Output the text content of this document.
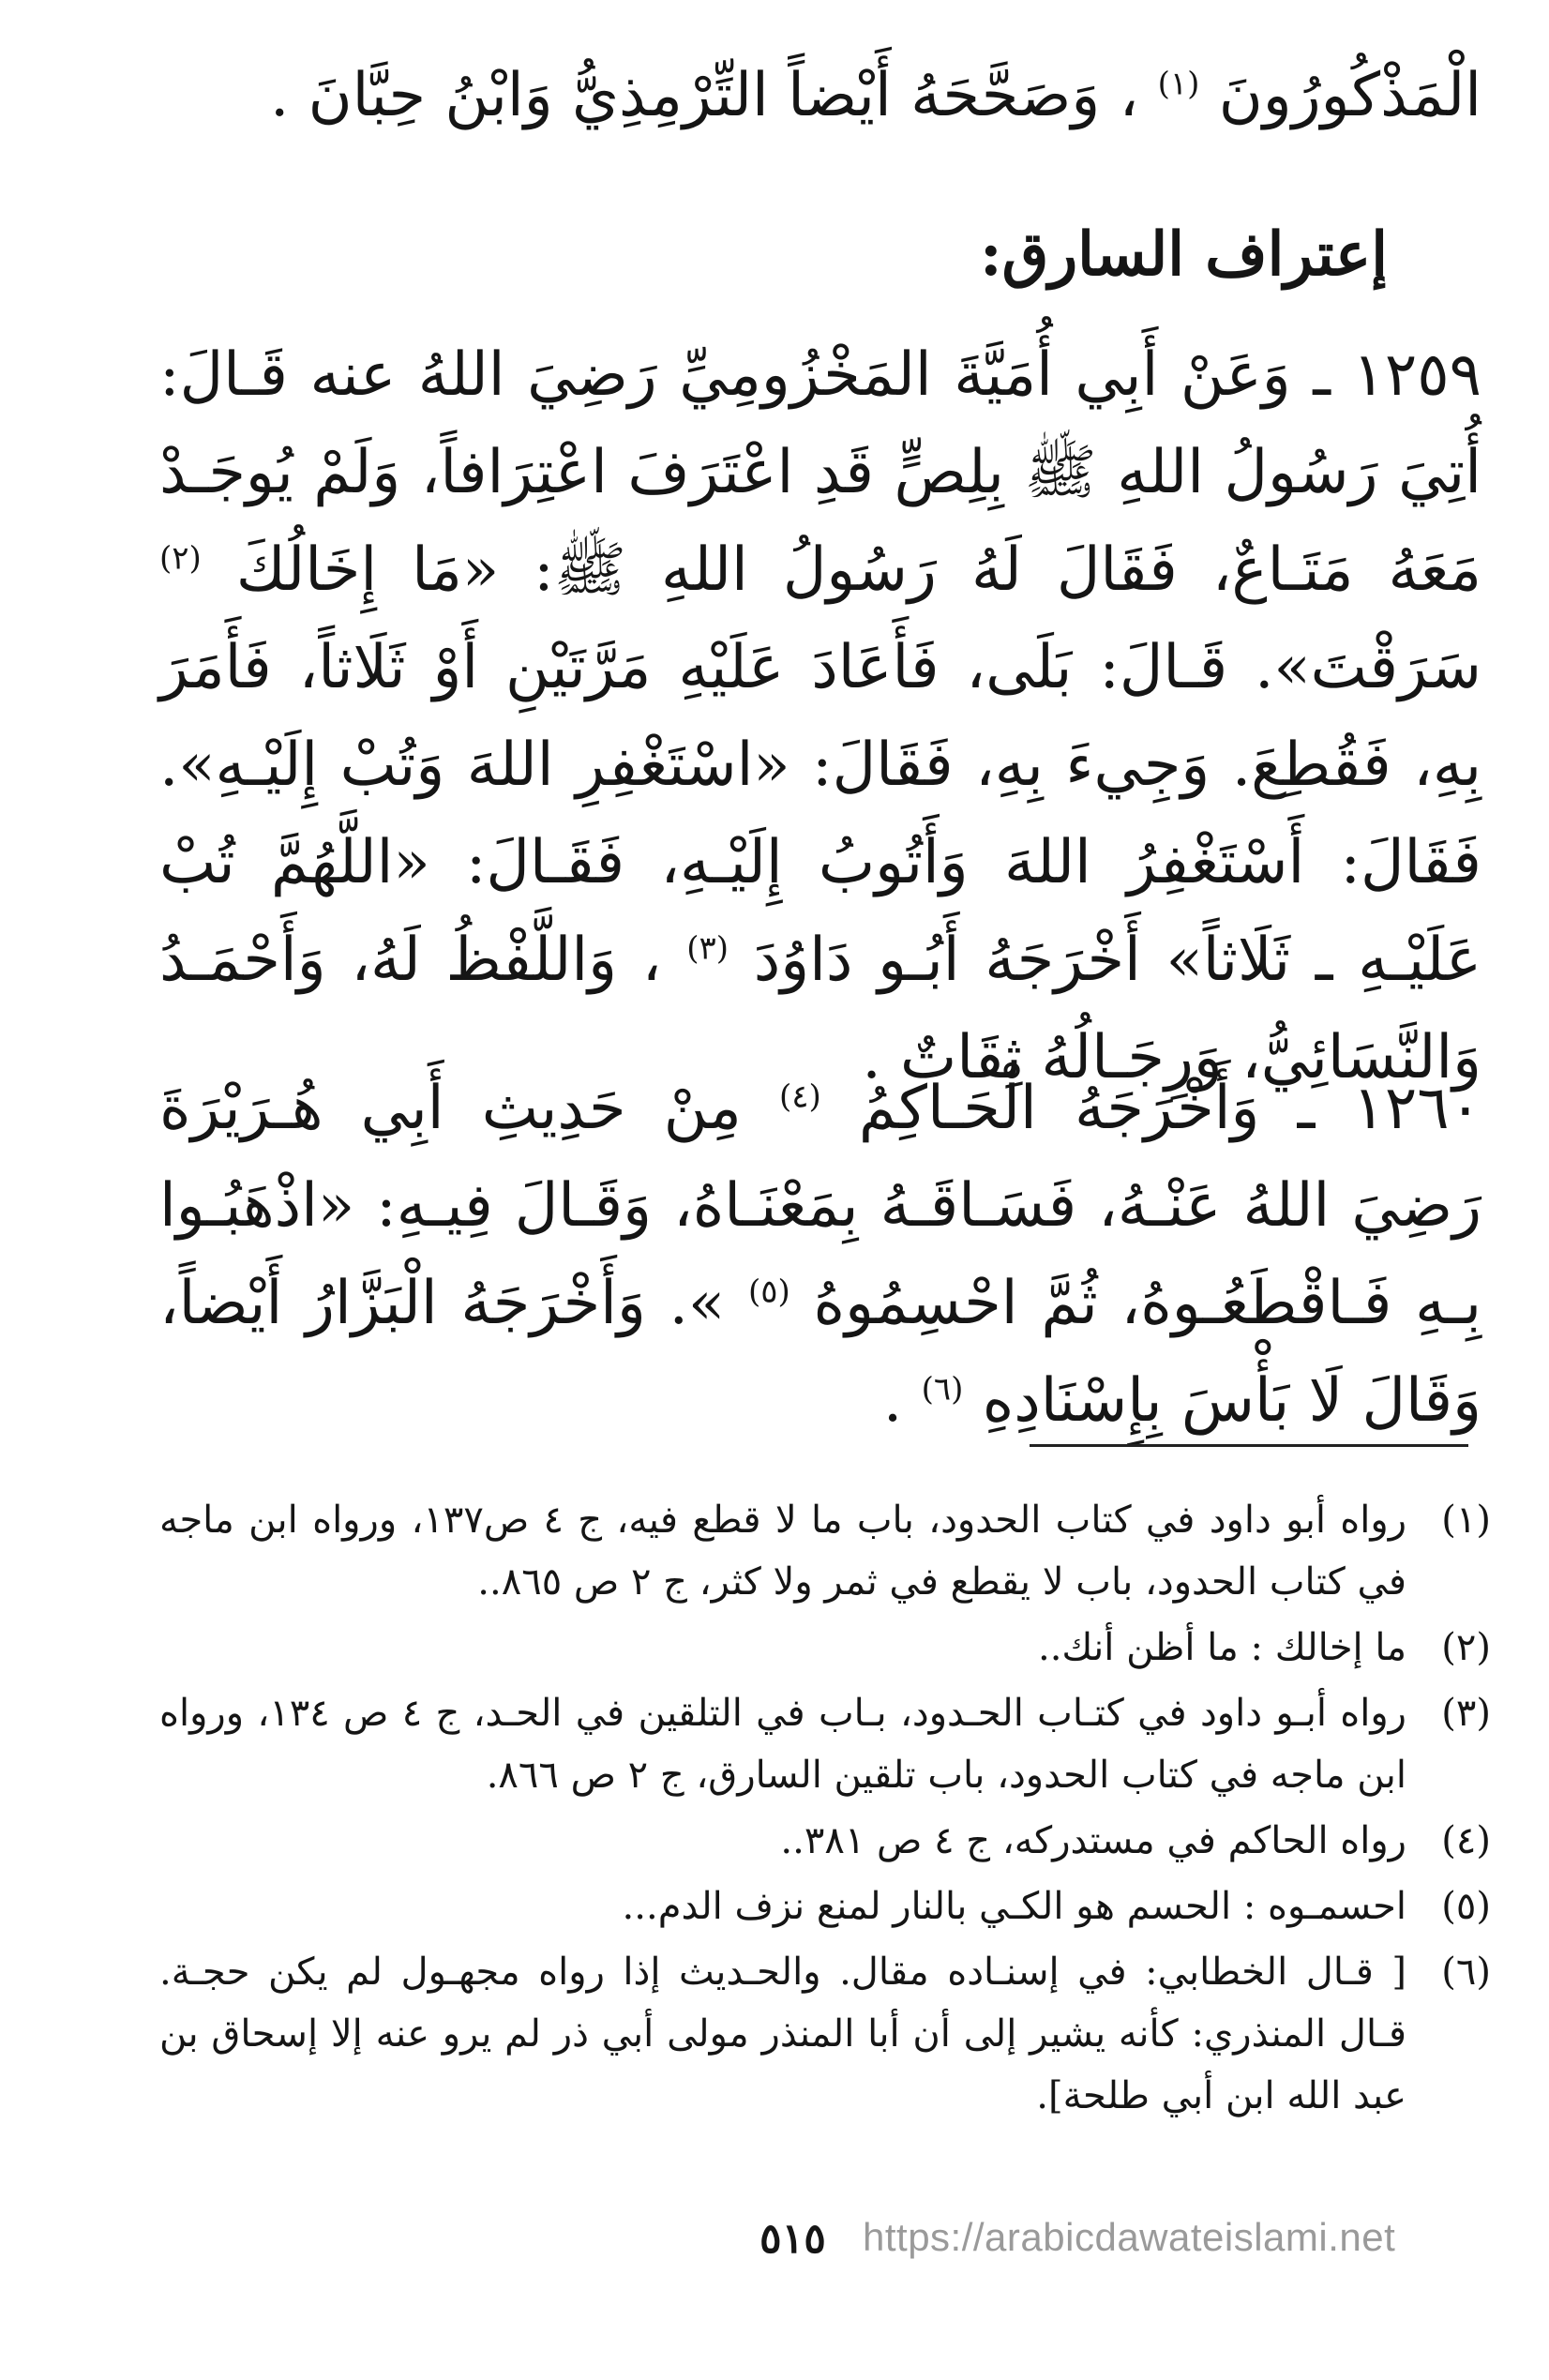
الْمَذْكُورُونَ $^{(١)}$ ، وَصَحَّحَهُ أَيْضاً التِّرْمِذِيُّ وَابْنُ حِبَّانَ .
إعتراف السارق:

١٢٥٩ ـ وَعَنْ أَبِي أُمَيَّةَ المَخْزُومِيِّ رَضِيَ اللهُ عنه قَـالَ: أُتِيَ رَسُولُ اللهِ ﷺ بِلِصٍّ قَدِ اعْتَرَفَ اعْتِرَافاً، وَلَمْ يُوجَـدْ مَعَهُ مَتَـاعٌ، فَقَالَ لَهُ رَسُولُ اللهِ ﷺ: «مَا إِخَالُكَ $^{(٢)}$ سَرَقْتَ». قَـالَ: بَلَى، فَأَعَادَ عَلَيْهِ مَرَّتَيْنِ أَوْ ثَلَاثاً، فَأَمَرَ بِهِ، فَقُطِعَ. وَجِيءَ بِهِ، فَقَالَ: «اسْتَغْفِرِ اللهَ وَتُبْ إِلَيْـهِ». فَقَالَ: أَسْتَغْفِرُ اللهَ وَأَتُوبُ إِلَيْـهِ، فَقَـالَ: «اللَّهُمَّ تُبْ عَلَيْـهِ ـ ثَلَاثاً» أَخْرَجَهُ أَبُـو دَاوُدَ $^{(٣)}$ ، وَاللَّفْظُ لَهُ، وَأَحْمَـدُ وَالنَّسَائِيُّ، وَرِجَـالُهُ ثِقَاتٌ .

١٢٦٠ ـ وَأَخْرَجَهُ الْحَـاكِمُ $^{(٤)}$ مِنْ حَدِيثِ أَبِي هُـرَيْرَةَ رَضِيَ اللهُ عَنْـهُ، فَسَـاقَـهُ بِمَعْنَـاهُ، وَقَـالَ فِيـهِ: «اذْهَبُـوا بِـهِ فَـاقْطَعُـوهُ، ثُمَّ احْسِمُوهُ $^{(٥)}$ ». وَأَخْرَجَهُ الْبَزَّارُ أَيْضاً، وَقَالَ لَا بَأْسَ بِإِسْنَادِهِ $^{(٦)}$ .

(١)
رواه أبو داود في كتاب الحدود، باب ما لا قطع فيه، ج ٤ ص١٣٧، ورواه ابن ماجه في كتاب الحدود، باب لا يقطع في ثمر ولا كثر، ج ٢ ص ٨٦٥..
(٢)
ما إخالك : ما أظن أنك..
(٣)
رواه أبـو داود في كتـاب الحـدود، بـاب في التلقين في الحـد، ج ٤ ص ١٣٤، ورواه ابن ماجه في كتاب الحدود، باب تلقين السارق، ج ٢ ص ٨٦٦.
(٤)
رواه الحاكم في مستدركه، ج ٤ ص ٣٨١..
(٥)
احسمـوه : الحسم هو الكـي بالنار لمنع نزف الدم...
(٦)
[ قـال الخطابي: في إسنـاده مقال. والحـديث إذا رواه مجهـول لم يكن حجـة. قـال المنذري: كأنه يشير إلى أن أبا المنذر مولى أبي ذر لم يرو عنه إلا إسحاق بن عبد الله ابن أبي طلحة].
٥١٥ https://arabicdawateislami.net
